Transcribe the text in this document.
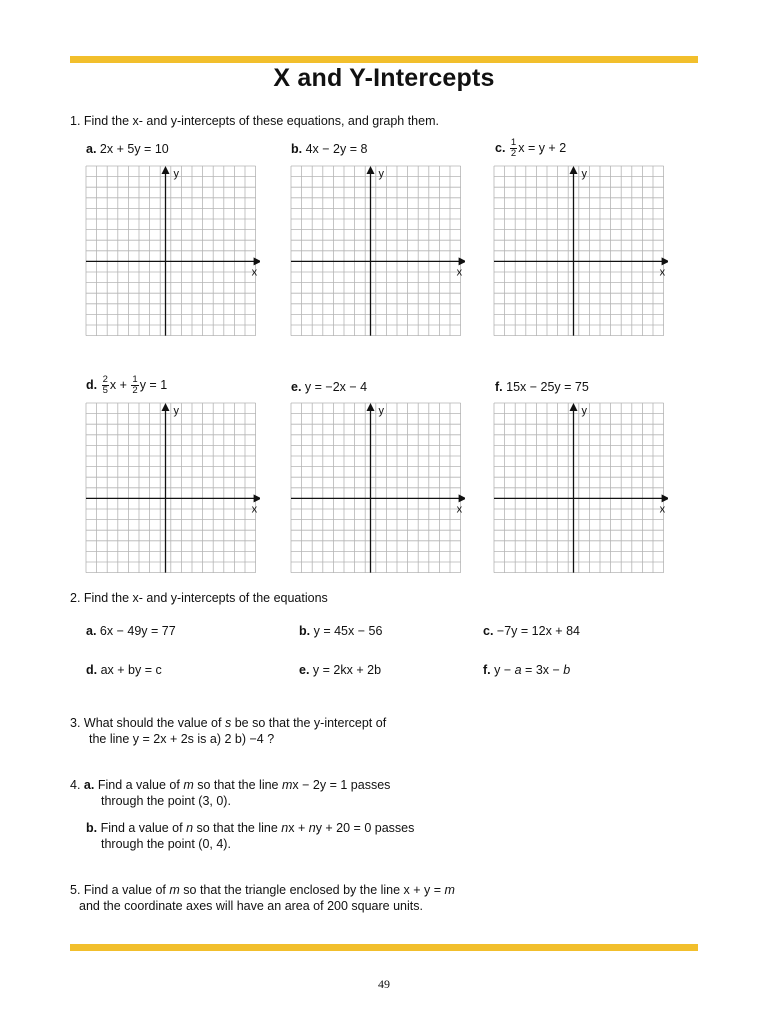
X and Y-Intercepts
1. Find the x- and y-intercepts of these equations, and graph them.
a. 2x + 5y = 10	b. 4x − 2y = 8	c. $\frac{1}{2}$ x = y + 2
d. $\frac{2}{5}$ $x + \frac{1}{2}$ y = 1	e. y = −2x − 4	f. 15x − 25y = 75
x
y
x
y
x
y
x
y
x
y
x
y
2. Find the x- and y-intercepts of the equations
a. 6x − 49y = 77	b. y = 45x − 56	c. −7y = 12x + 84
d. ax + by = c	e. y = 2kx + 2b	f. y − a = 3x − b
3. What should the value of s be so that the y-intercept of
the line y = 2x + 2s is a) 2 b) −4 ?
4. a. Find a value of m so that the line mx − 2y = 1 passes
through the point (3, 0).
b. Find a value of n so that the line nx + ny + 20 = 0 passes
through the point (0, 4).
5. Find a value of m so that the triangle enclosed by the line x + y = m
and the coordinate axes will have an area of 200 square units.
49
